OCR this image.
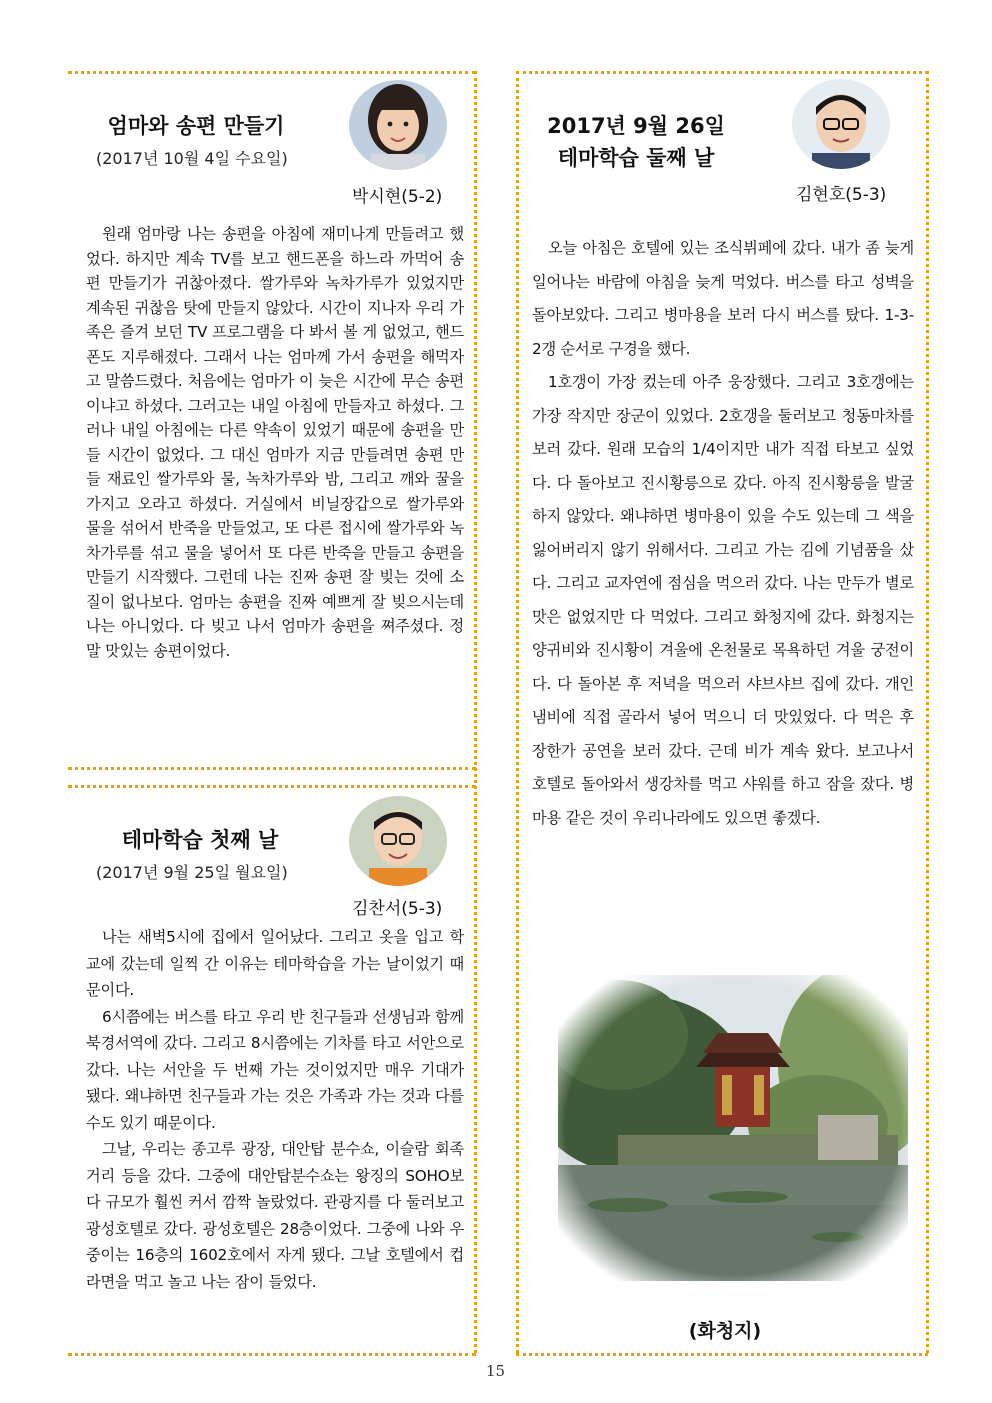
엄마와 송편 만들기
(2017년 10월 4일 수요일)
박시현(5-2)

원래 엄마랑 나는 송편을 아침에 재미나게 만들려고 했었다. 하지만 계속 TV를 보고 핸드폰을 하느라 까먹어 송편 만들기가 귀찮아졌다. 쌀가루와 녹차가루가 있었지만 계속된 귀찮음 탓에 만들지 않았다. 시간이 지나자 우리 가족은 즐겨 보던 TV 프로그램을 다 봐서 볼 게 없었고, 핸드폰도 지루해졌다. 그래서 나는 엄마께 가서 송편을 해먹자고 말씀드렸다. 처음에는 엄마가 이 늦은 시간에 무슨 송편이냐고 하셨다. 그러고는 내일 아침에 만들자고 하셨다. 그러나 내일 아침에는 다른 약속이 있었기 때문에 송편을 만들 시간이 없었다. 그 대신 엄마가 지금 만들려면 송편 만들 재료인 쌀가루와 물, 녹차가루와 밤, 그리고 깨와 꿀을 가지고 오라고 하셨다. 거실에서 비닐장갑으로 쌀가루와 물을 섞어서 반죽을 만들었고, 또 다른 접시에 쌀가루와 녹차가루를 섞고 물을 넣어서 또 다른 반죽을 만들고 송편을 만들기 시작했다. 그런데 나는 진짜 송편 잘 빚는 것에 소질이 없나보다. 엄마는 송편을 진짜 예쁘게 잘 빚으시는데 나는 아니었다. 다 빚고 나서 엄마가 송편을 쪄주셨다. 정말 맛있는 송편이었다.

테마학습 첫째 날
(2017년 9월 25일 월요일)
김찬서(5-3)

나는 새벽5시에 집에서 일어났다. 그리고 옷을 입고 학교에 갔는데 일찍 간 이유는 테마학습을 가는 날이었기 때문이다.

6시쯤에는 버스를 타고 우리 반 친구들과 선생님과 함께 북경서역에 갔다. 그리고 8시쯤에는 기차를 타고 서안으로 갔다. 나는 서안을 두 번째 가는 것이었지만 매우 기대가 됐다. 왜냐하면 친구들과 가는 것은 가족과 가는 것과 다를 수도 있기 때문이다.

그날, 우리는 종고루 광장, 대안탑 분수쇼, 이슬람 회족거리 등을 갔다. 그중에 대안탑분수쇼는 왕징의 SOHO보다 규모가 훨씬 커서 깜짝 놀랐었다. 관광지를 다 둘러보고 광성호텔로 갔다. 광성호텔은 28층이었다. 그중에 나와 우중이는 16층의 1602호에서 자게 됐다. 그날 호텔에서 컵라면을 먹고 놀고 나는 잠이 들었다.

2017년 9월 26일
테마학습 둘째 날
김현호(5-3)

오늘 아침은 호텔에 있는 조식뷔페에 갔다. 내가 좀 늦게 일어나는 바람에 아침을 늦게 먹었다. 버스를 타고 성벽을 돌아보았다. 그리고 병마용을 보러 다시 버스를 탔다. 1-3-2갱 순서로 구경을 했다.

1호갱이 가장 컸는데 아주 웅장했다. 그리고 3호갱에는 가장 작지만 장군이 있었다. 2호갱을 둘러보고 청동마차를 보러 갔다. 원래 모습의 1/4이지만 내가 직접 타보고 싶었다. 다 돌아보고 진시황릉으로 갔다. 아직 진시황릉을 발굴하지 않았다. 왜냐하면 병마용이 있을 수도 있는데 그 색을 잃어버리지 않기 위해서다. 그리고 가는 김에 기념품을 샀다. 그리고 교자연에 점심을 먹으러 갔다. 나는 만두가 별로 맛은 없었지만 다 먹었다. 그리고 화청지에 갔다. 화청지는 양귀비와 진시황이 겨울에 온천물로 목욕하던 겨울 궁전이다. 다 돌아본 후 저녁을 먹으러 샤브샤브 집에 갔다. 개인냄비에 직접 골라서 넣어 먹으니 더 맛있었다. 다 먹은 후 장한가 공연을 보러 갔다. 근데 비가 계속 왔다. 보고나서 호텔로 돌아와서 생강차를 먹고 샤워를 하고 잠을 잤다. 병마용 같은 것이 우리나라에도 있으면 좋겠다.

(화청지)
15
